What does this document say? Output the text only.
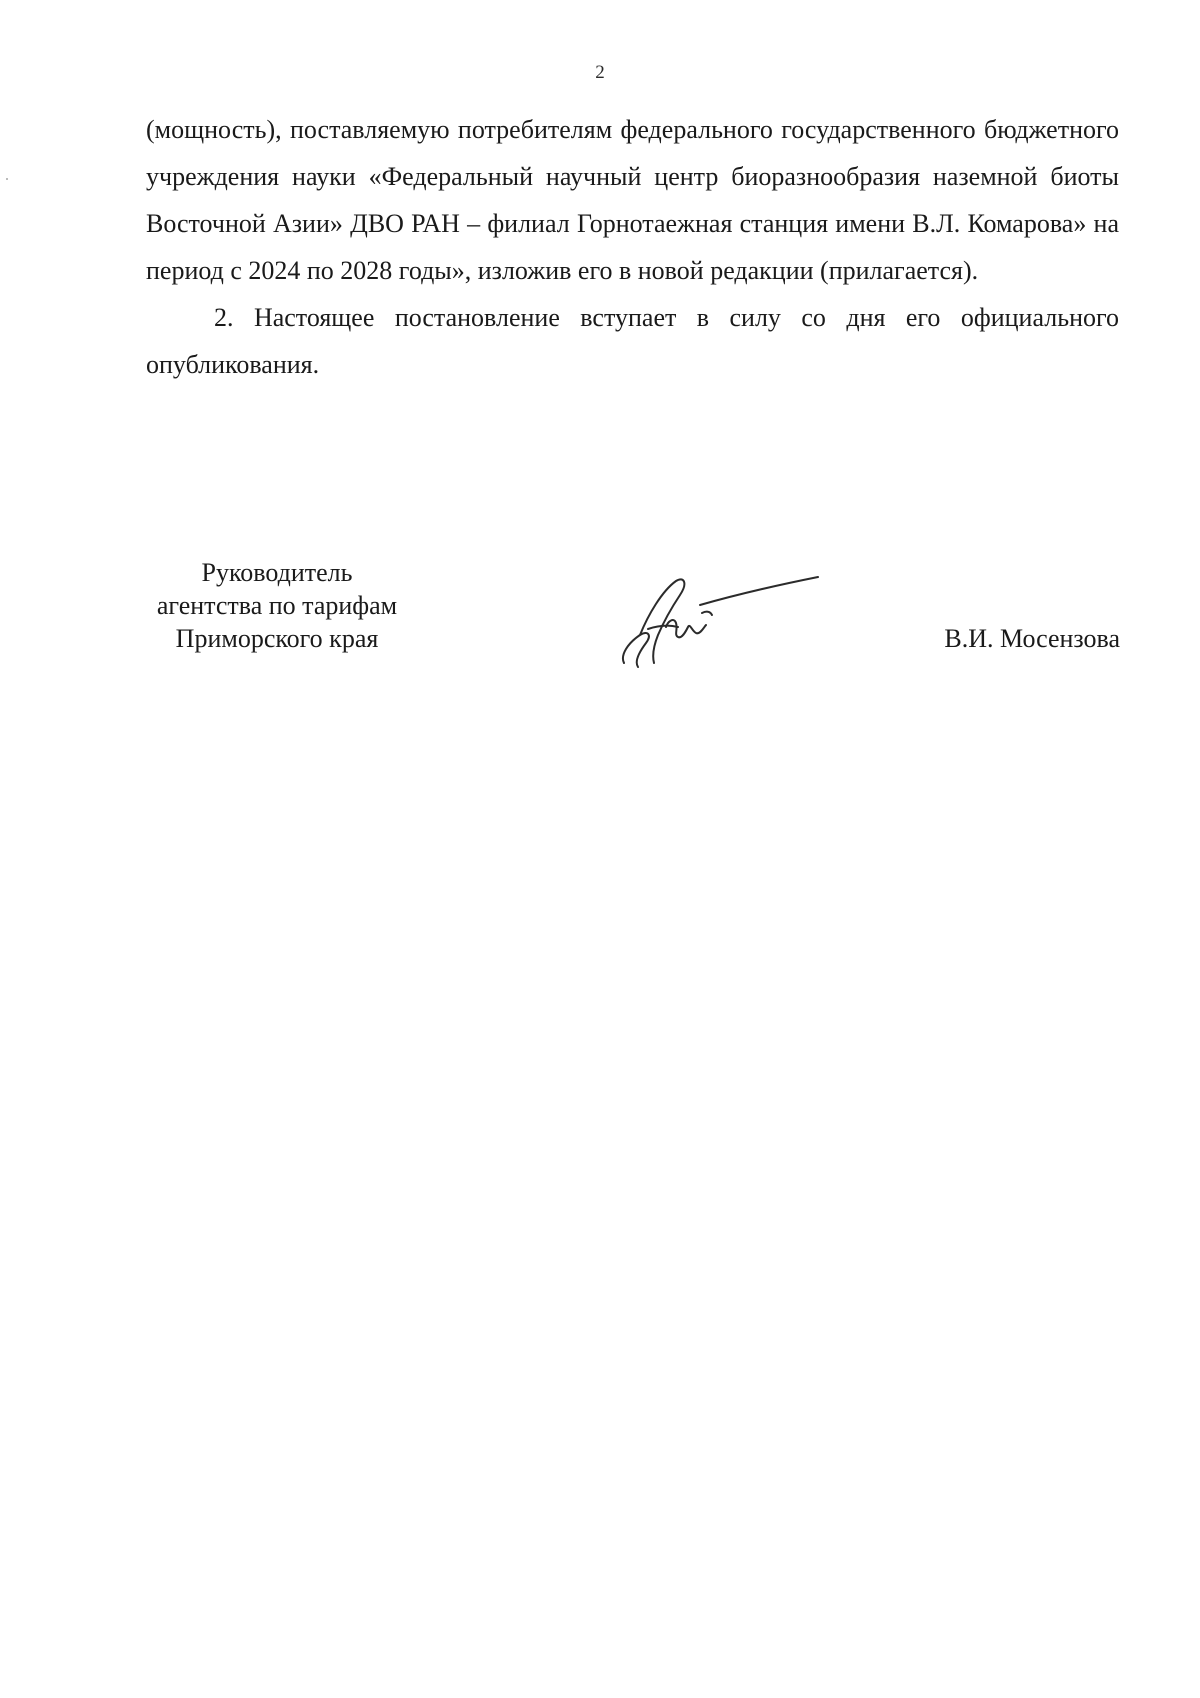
2

(мощность), поставляемую потребителям федерального государственного бюджетного учреждения науки «Федеральный научный центр биоразнообразия наземной биоты Восточной Азии» ДВО РАН – филиал Горнотаежная станция имени В.Л. Комарова» на период с 2024 по 2028 годы», изложив его в новой редакции (прилагается).

2. Настоящее постановление вступает в силу со дня его официального опубликования.

Руководитель
агентства по тарифам
Приморского края	В.И. Мосензова
